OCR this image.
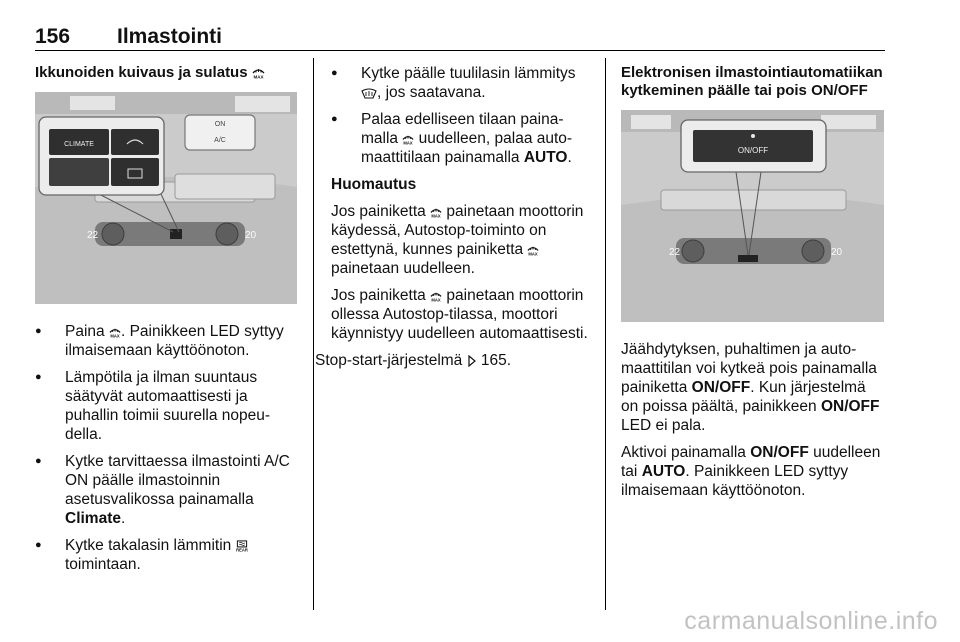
156 Ilmastointi
Ikkunoiden kuivaus ja sulatus MAX
22	20
ON
A/C
CLIMATE
● Paina MAX . Painikkeen LED syttyy ilmaisemaan käyttöönoton.
● Lämpötila ja ilman suuntaus säätyvät automaattisesti ja puhallin toimii suurella nopeudella.
● Kytke tarvittaessa ilmastointi A/C ON päälle ilmastoinnin asetusvalikossa painamalla Climate.
● Kytke takalasin lämmitin REAR

toimintaan.
● Kytke päälle tuulilasin lämmitys , jos saatavana.
● Palaa edelliseen tilaan painamalla MAX uudelleen, palaa automaattitilaan painamalla AUTO.

Huomautus

Jos painiketta MAX painetaan moottorin käydessä, Autostop-toiminto on estettynä, kunnes painiketta MAX
painetaan uudelleen.

Jos painiketta MAX painetaan moottorin ollessa Autostop-tilassa, moottori käynnistyy uudelleen automaattisesti.

Stop-start-järjestelmä 165.

Elektronisen ilmastointiautomatiikan kytkeminen päälle tai pois ON/OFF
22	20
ON/OFF

Jäähdytyksen, puhaltimen ja automaattitilan voi kytkeä pois painamalla painiketta ON/OFF. Kun järjestelmä on poissa päältä, painikkeen ON/OFF LED ei pala.

Aktivoi painamalla ON/OFF uudelleen tai AUTO. Painikkeen LED syttyy ilmaisemaan käyttöönoton.

carmanualsonline.info
